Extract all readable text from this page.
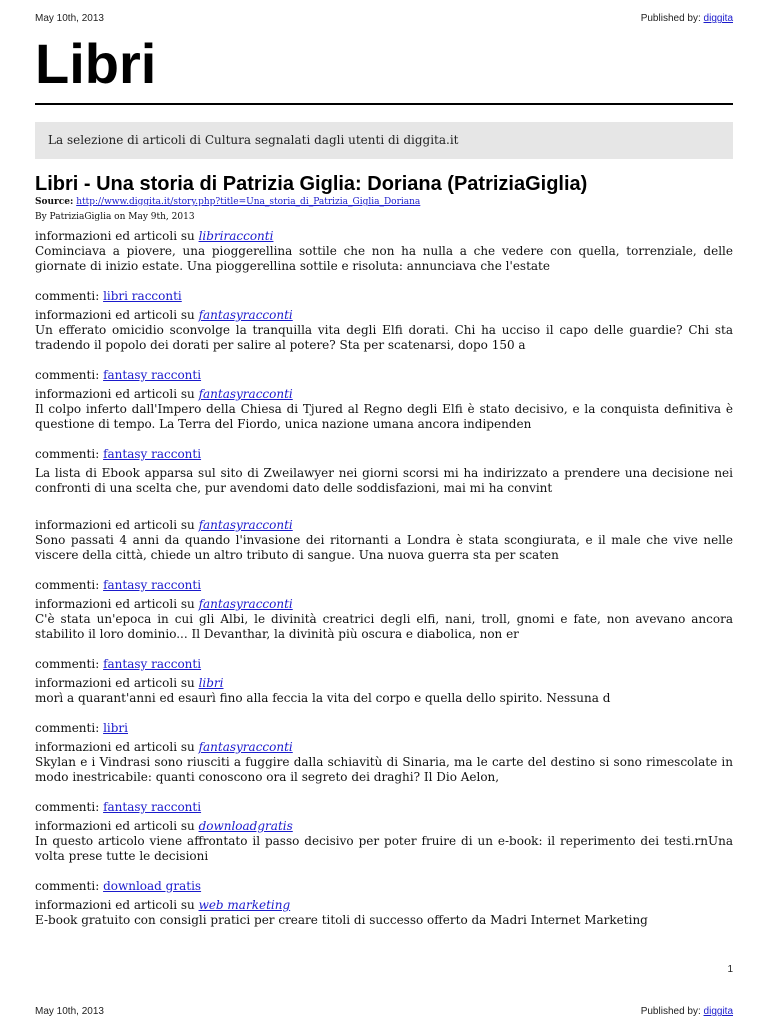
May 10th, 2013	Published by: diggita
Libri
La selezione di articoli di Cultura segnalati dagli utenti di diggita.it
Libri - Una storia di Patrizia Giglia: Doriana (PatriziaGiglia)
Source: http://www.diggita.it/story.php?title=Una_storia_di_Patrizia_Giglia_Doriana
By PatriziaGiglia on May 9th, 2013

informazioni ed articoli su libriracconti

Cominciava a piovere, una pioggerellina sottile che non ha nulla a che vedere con quella, torrenziale, delle giornate di inizio estate. Una pioggerellina sottile e risoluta: annunciava che l'estate

commenti: libri racconti

informazioni ed articoli su fantasyracconti

Un efferato omicidio sconvolge la tranquilla vita degli Elfi dorati. Chi ha ucciso il capo delle guardie? Chi sta tradendo il popolo dei dorati per salire al potere? Sta per scatenarsi, dopo 150 a

commenti: fantasy racconti

informazioni ed articoli su fantasyracconti

Il colpo inferto dall'Impero della Chiesa di Tjured al Regno degli Elfi è stato decisivo, e la conquista definitiva è questione di tempo. La Terra del Fiordo, unica nazione umana ancora indipenden

commenti: fantasy racconti

La lista di Ebook apparsa sul sito di Zweilawyer nei giorni scorsi mi ha indirizzato a prendere una decisione nei confronti di una scelta che, pur avendomi dato delle soddisfazioni, mai mi ha convint

informazioni ed articoli su fantasyracconti

Sono passati 4 anni da quando l'invasione dei ritornanti a Londra è stata scongiurata, e il male che vive nelle viscere della città, chiede un altro tributo di sangue. Una nuova guerra sta per scaten

commenti: fantasy racconti

informazioni ed articoli su fantasyracconti

C'è stata un'epoca in cui gli Albi, le divinità creatrici degli elfi, nani, troll, gnomi e fate, non avevano ancora stabilito il loro dominio... Il Devanthar, la divinità più oscura e diabolica, non er

commenti: fantasy racconti

informazioni ed articoli su libri

morì a quarant'anni ed esaurì fino alla feccia la vita del corpo e quella dello spirito. Nessuna d

commenti: libri

informazioni ed articoli su fantasyracconti

Skylan e i Vindrasi sono riusciti a fuggire dalla schiavitù di Sinaria, ma le carte del destino si sono rimescolate in modo inestricabile: quanti conoscono ora il segreto dei draghi? Il Dio Aelon,

commenti: fantasy racconti

informazioni ed articoli su downloadgratis

In questo articolo viene affrontato il passo decisivo per poter fruire di un e-book: il reperimento dei testi.rnUna volta prese tutte le decisioni

commenti: download gratis

informazioni ed articoli su web marketing

E-book gratuito con consigli pratici per creare titoli di successo offerto da Madri Internet Marketing

1
May 10th, 2013	Published by: diggita
